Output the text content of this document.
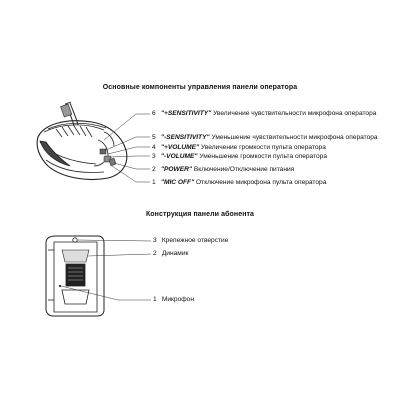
Основные компоненты управления панели оператора
Конструкция панели абонента
6 "+SENSITIVITY" Увеличение чувствительности микрофона оператора
5 "-SENSITIVITY" Уменьшение чувствительности микрофона оператора
4 "+VOLUME" Увеличение громкости пульта оператора
3 "-VOLUME" Уменьшение громкости пульта оператора
2 "POWER" Включение/Отключение питания
1 "MIC OFF" Отключение микрофона пульта оператора
3 Крепежное отверстие
2 Динамик
1 Микрофон
